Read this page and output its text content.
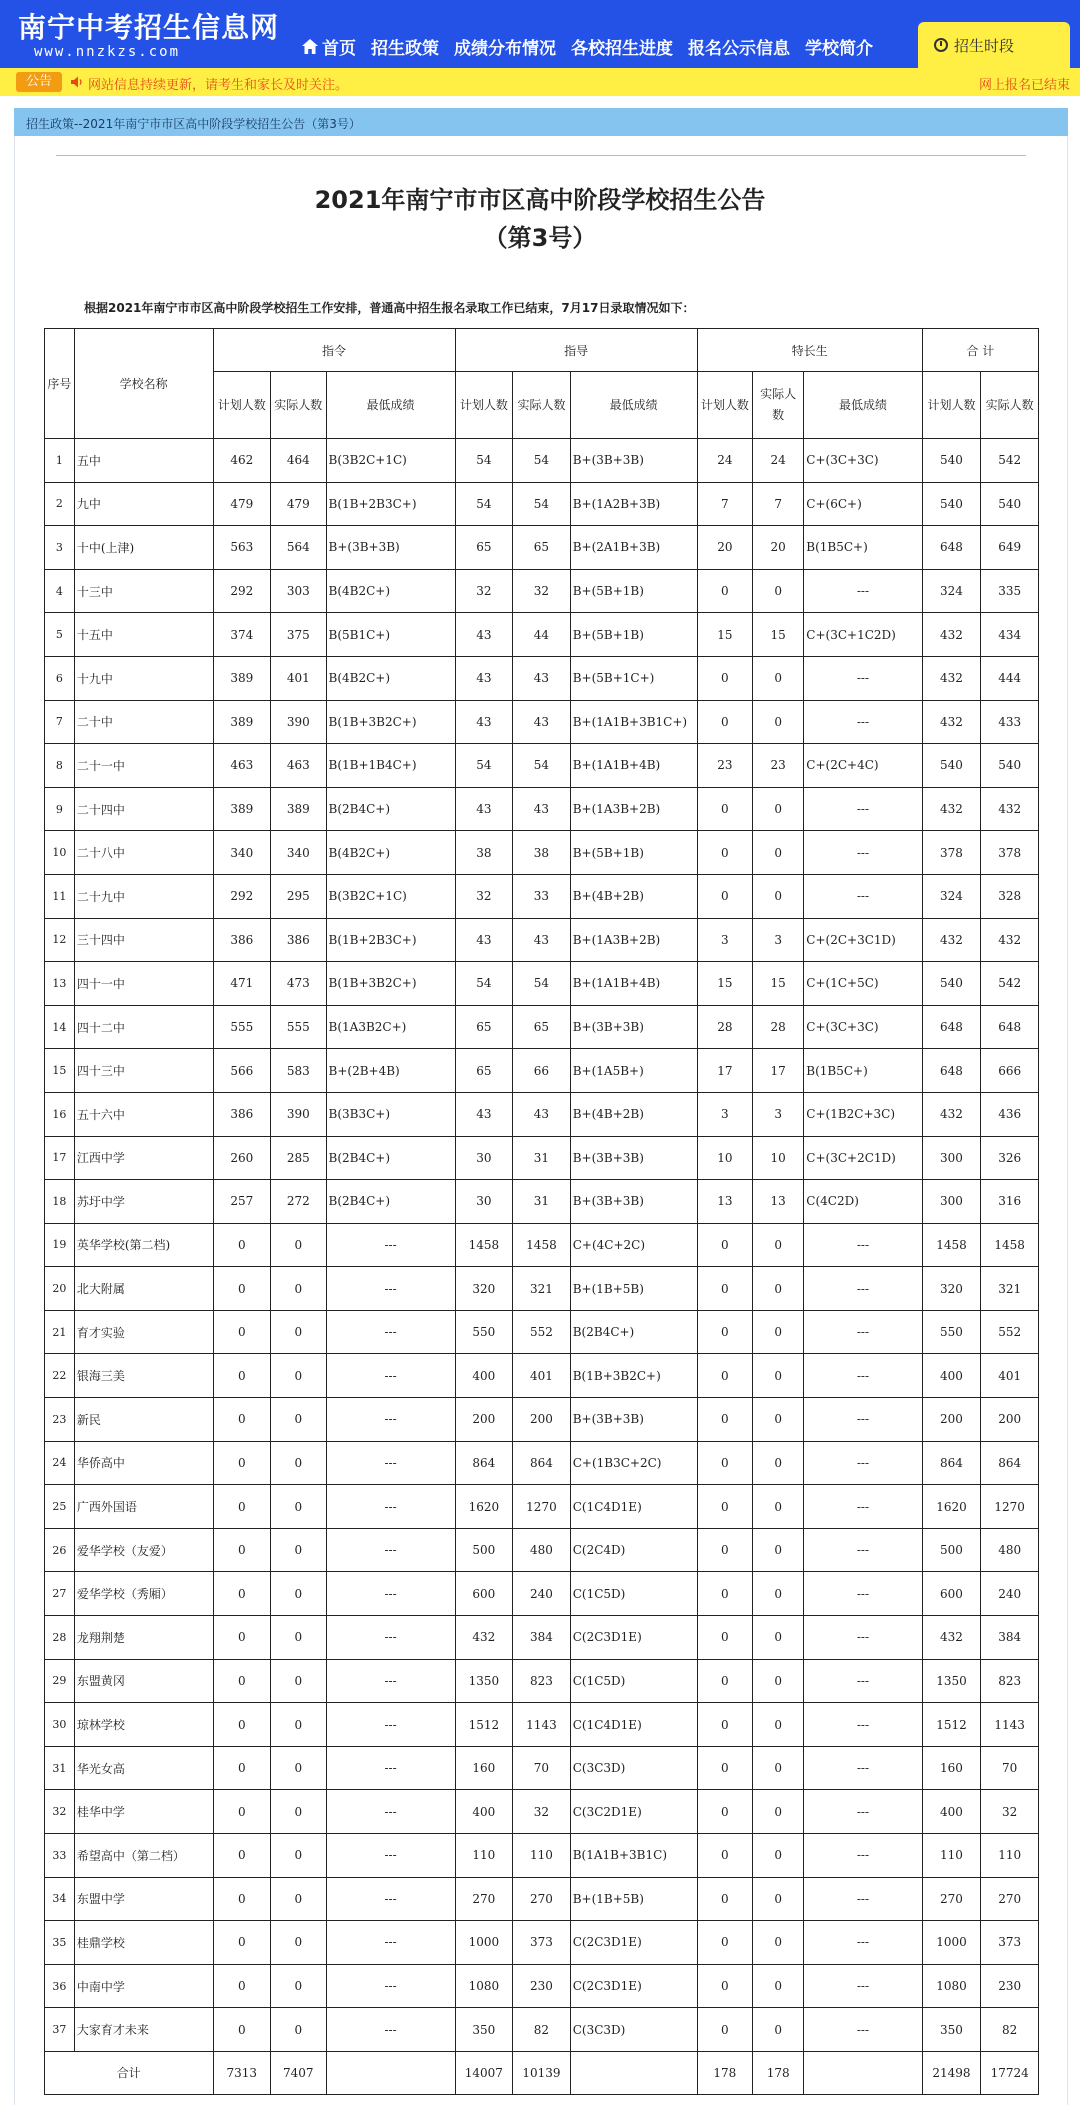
南宁中考招生信息网
www.nnzkzs.com	首页 招生政策 成绩分布情况 各校招生进度 报名公示信息 学校简介	招生时段
公告	网站信息持续更新，请考生和家长及时关注。	网上报名已结束
招生政策--2021年南宁市市区高中阶段学校招生公告（第3号）
2021年南宁市市区高中阶段学校招生公告
（第3号）
根据2021年南宁市市区高中阶段学校招生工作安排，普通高中招生报名录取工作已结束，7月17日录取情况如下：
序号	学校名称	指令			指导			特长生			合 计	
		计划人数	实际人数	最低成绩	计划人数	实际人数	最低成绩	计划人数	实际人数	最低成绩	计划人数	实际人数
1	五中	462	464	B(3B2C+1C)	54	54	B+(3B+3B)	24	24	C+(3C+3C)	540	542
2	九中	479	479	B(1B+2B3C+)	54	54	B+(1A2B+3B)	7	7	C+(6C+)	540	540
3	十中(上津)	563	564	B+(3B+3B)	65	65	B+(2A1B+3B)	20	20	B(1B5C+)	648	649
4	十三中	292	303	B(4B2C+)	32	32	B+(5B+1B)	0	0	---	324	335
5	十五中	374	375	B(5B1C+)	43	44	B+(5B+1B)	15	15	C+(3C+1C2D)	432	434
6	十九中	389	401	B(4B2C+)	43	43	B+(5B+1C+)	0	0	---	432	444
7	二十中	389	390	B(1B+3B2C+)	43	43	B+(1A1B+3B1C+)	0	0	---	432	433
8	二十一中	463	463	B(1B+1B4C+)	54	54	B+(1A1B+4B)	23	23	C+(2C+4C)	540	540
9	二十四中	389	389	B(2B4C+)	43	43	B+(1A3B+2B)	0	0	---	432	432
10	二十八中	340	340	B(4B2C+)	38	38	B+(5B+1B)	0	0	---	378	378
11	二十九中	292	295	B(3B2C+1C)	32	33	B+(4B+2B)	0	0	---	324	328
12	三十四中	386	386	B(1B+2B3C+)	43	43	B+(1A3B+2B)	3	3	C+(2C+3C1D)	432	432
13	四十一中	471	473	B(1B+3B2C+)	54	54	B+(1A1B+4B)	15	15	C+(1C+5C)	540	542
14	四十二中	555	555	B(1A3B2C+)	65	65	B+(3B+3B)	28	28	C+(3C+3C)	648	648
15	四十三中	566	583	B+(2B+4B)	65	66	B+(1A5B+)	17	17	B(1B5C+)	648	666
16	五十六中	386	390	B(3B3C+)	43	43	B+(4B+2B)	3	3	C+(1B2C+3C)	432	436
17	江西中学	260	285	B(2B4C+)	30	31	B+(3B+3B)	10	10	C+(3C+2C1D)	300	326
18	苏圩中学	257	272	B(2B4C+)	30	31	B+(3B+3B)	13	13	C(4C2D)	300	316
19	英华学校(第二档)	0	0	---	1458	1458	C+(4C+2C)	0	0	---	1458	1458
20	北大附属	0	0	---	320	321	B+(1B+5B)	0	0	---	320	321
21	育才实验	0	0	---	550	552	B(2B4C+)	0	0	---	550	552
22	银海三美	0	0	---	400	401	B(1B+3B2C+)	0	0	---	400	401
23	新民	0	0	---	200	200	B+(3B+3B)	0	0	---	200	200
24	华侨高中	0	0	---	864	864	C+(1B3C+2C)	0	0	---	864	864
25	广西外国语	0	0	---	1620	1270	C(1C4D1E)	0	0	---	1620	1270
26	爱华学校（友爱）	0	0	---	500	480	C(2C4D)	0	0	---	500	480
27	爱华学校（秀厢）	0	0	---	600	240	C(1C5D)	0	0	---	600	240
28	龙翔荆楚	0	0	---	432	384	C(2C3D1E)	0	0	---	432	384
29	东盟黄冈	0	0	---	1350	823	C(1C5D)	0	0	---	1350	823
30	琼林学校	0	0	---	1512	1143	C(1C4D1E)	0	0	---	1512	1143
31	华光女高	0	0	---	160	70	C(3C3D)	0	0	---	160	70
32	桂华中学	0	0	---	400	32	C(3C2D1E)	0	0	---	400	32
33	希望高中（第二档）	0	0	---	110	110	B(1A1B+3B1C)	0	0	---	110	110
34	东盟中学	0	0	---	270	270	B+(1B+5B)	0	0	---	270	270
35	桂鼎学校	0	0	---	1000	373	C(2C3D1E)	0	0	---	1000	373
36	中南中学	0	0	---	1080	230	C(2C3D1E)	0	0	---	1080	230
37	大家育才未来	0	0	---	350	82	C(3C3D)	0	0	---	350	82
合计		7313	7407		14007	10139		178	178		21498	17724
